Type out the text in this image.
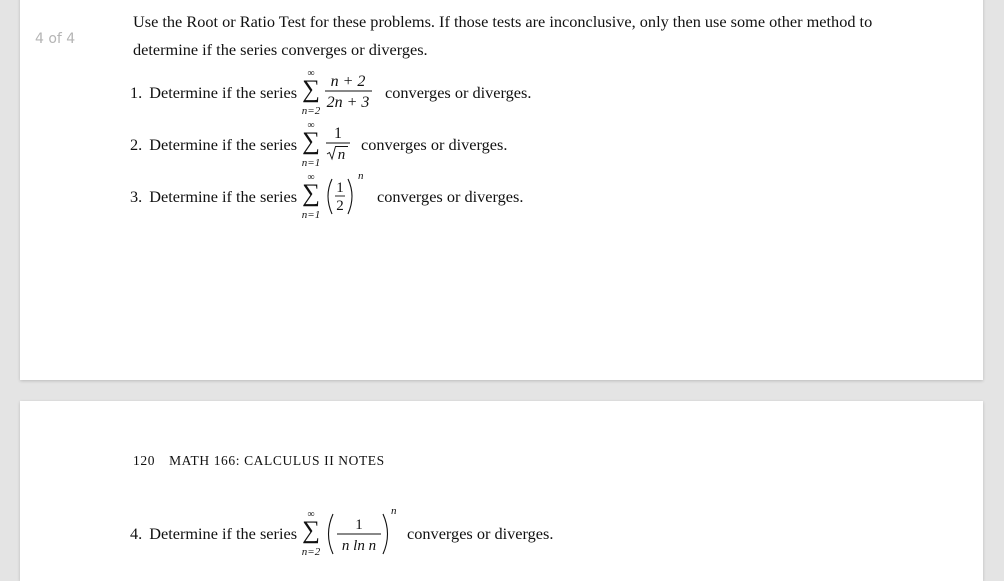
4 of 4

Use the Root or Ratio Test for these problems. If those tests are inconclusive, only then use some other method to determine if the series converges or diverges.

1. Determine if the series
∞
∑
n=2
n + 2
2n + 3
converges or diverges.
2. Determine if the series
∞
∑
n=1
1
n
converges or diverges.
3. Determine if the series
∞
∑
n=1
1
2
n
converges or diverges.
120 MATH 166: CALCULUS II NOTES
4. Determine if the series
∞
∑
n=2
1
n ln n
n
converges or diverges.
